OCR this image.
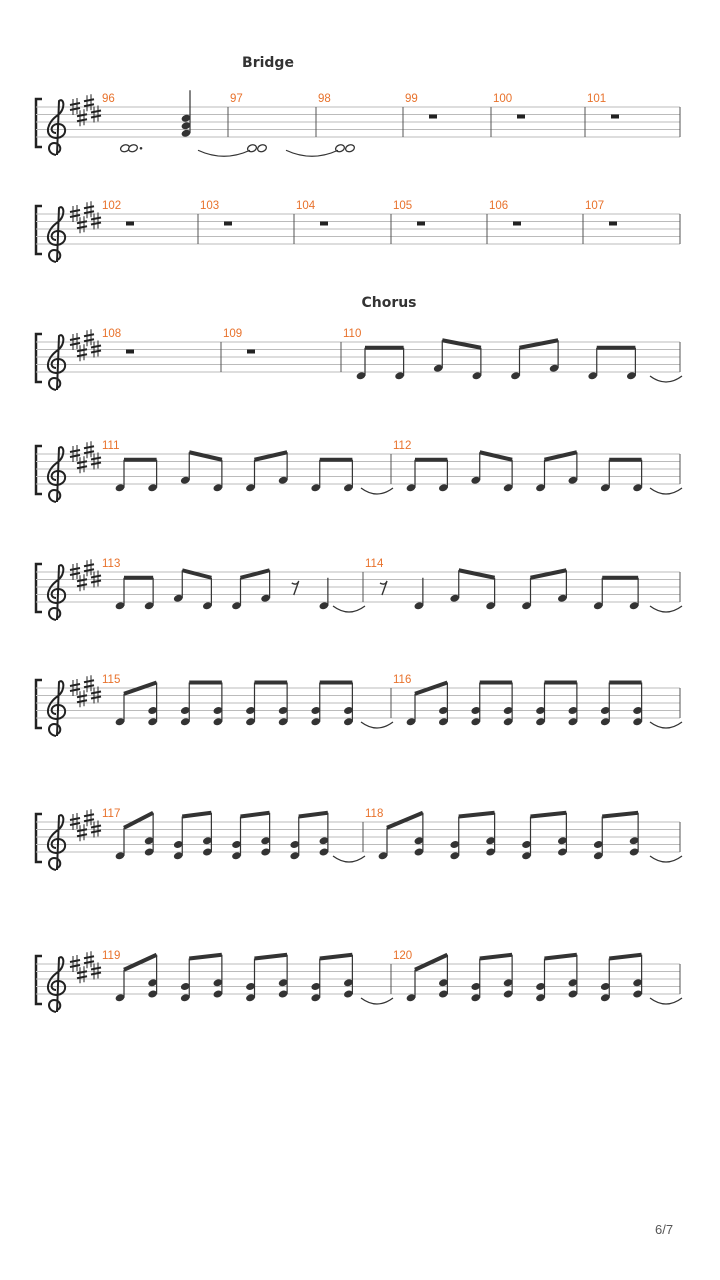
Bridge
96	97	98	99	100	101
102	103	104	105	106	107
Chorus
108	109	110
111	112
113	114
115	116
117	118
119	120
6/7
